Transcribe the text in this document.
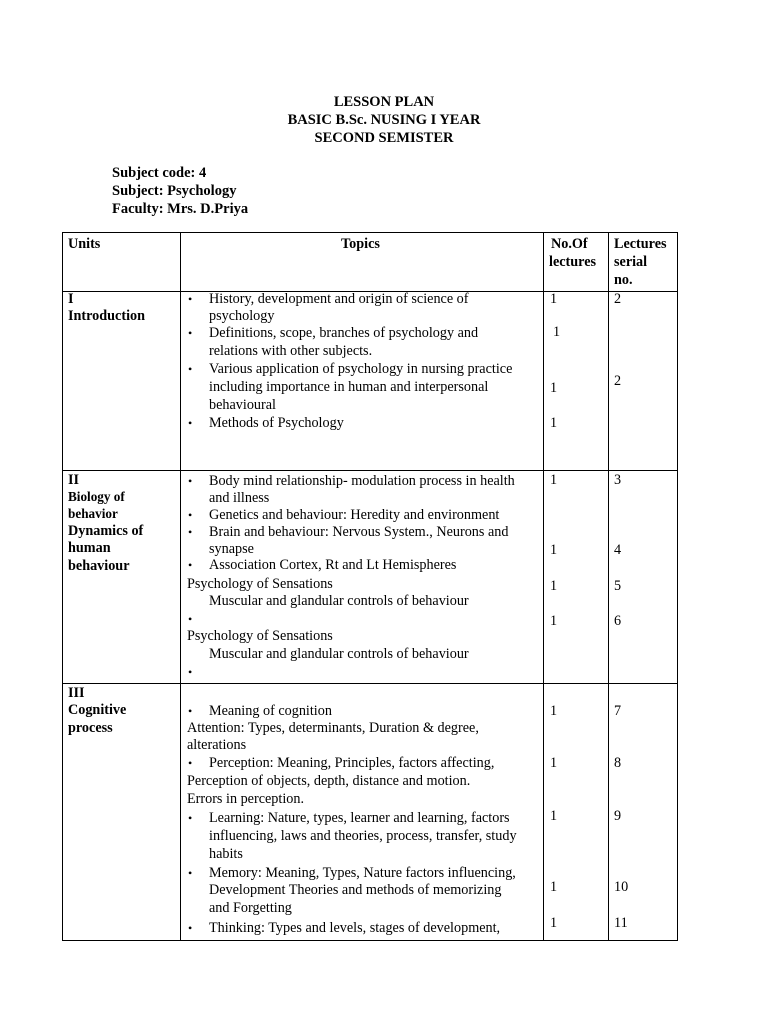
LESSON PLAN
BASIC B.Sc. NUSING I YEAR
SECOND SEMISTER
Subject code: 4
Subject: Psychology
Faculty: Mrs. D.Priya
Units	Topics	No.Of
lectures
Lectures
serial
no.
I
Introduction
• History, development and origin of science of
psychology
• Definitions, scope, branches of psychology and
relations with other subjects.
• Various application of psychology in nursing practice
including importance in human and interpersonal
behavioural
• Methods of Psychology
1
1
1
1
2
2
II
Biology of
behavior
Dynamics of
human
behaviour
• Body mind relationship- modulation process in health
and illness
• Genetics and behaviour: Heredity and environment
• Brain and behaviour: Nervous System., Neurons and
synapse
• Association Cortex, Rt and Lt Hemispheres
Psychology of Sensations
Muscular and glandular controls of behaviour
•
Psychology of Sensations
Muscular and glandular controls of behaviour
•
1
1
1
1
3
4
5
6
III
Cognitive
process
• Meaning of cognition
Attention: Types, determinants, Duration & degree,
alterations
• Perception: Meaning, Principles, factors affecting,
Perception of objects, depth, distance and motion.
Errors in perception.
• Learning: Nature, types, learner and learning, factors
influencing, laws and theories, process, transfer, study
habits
• Memory: Meaning, Types, Nature factors influencing,
Development Theories and methods of memorizing
and Forgetting
• Thinking: Types and levels, stages of development,
1
1
1
1
1
7
8
9
10
11
